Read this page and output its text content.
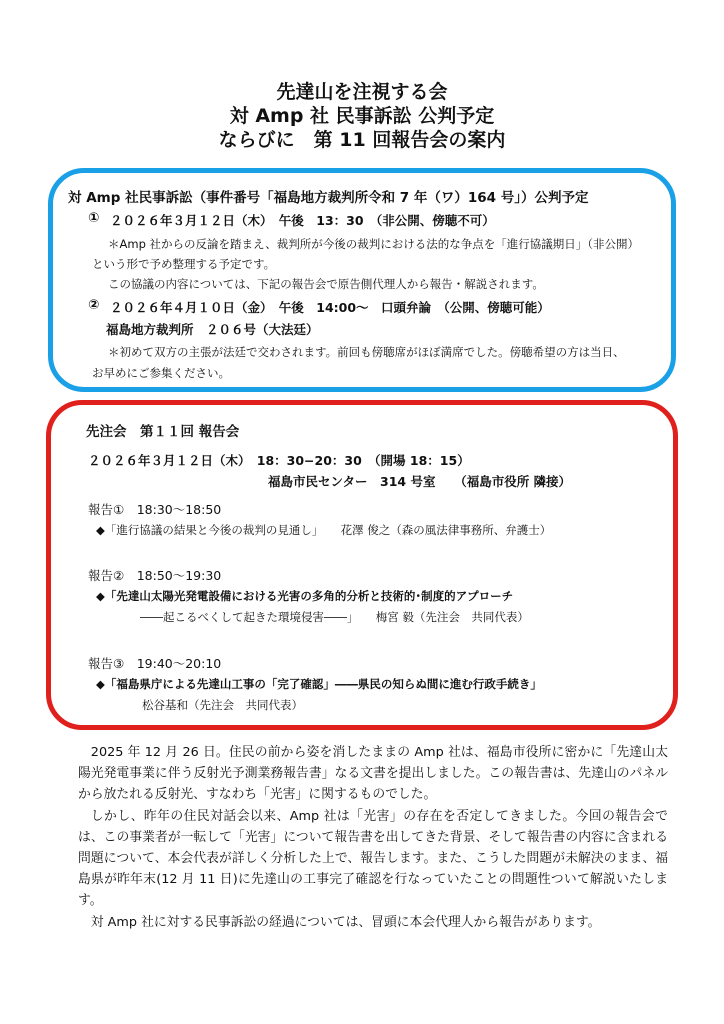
先達山を注視する会

対 Amp 社 民事訴訟 公判予定

ならびに　第 11 回報告会の案内

対 Amp 社民事訴訟（事件番号「福島地方裁判所令和 7 年（ワ）164 号」）公判予定
① ２０２６年３月１２日（木）　午後　13：30　（非公開、傍聴不可）
＊Amp 社からの反論を踏まえ、裁判所が今後の裁判における法的な争点を「進行協議期日」（非公開）
という形で予め整理する予定です。
この協議の内容については、下記の報告会で原告側代理人から報告・解説されます。
② ２０２６年４月１０日（金）　午後　14:00～　口頭弁論　（公開、傍聴可能）
福島地方裁判所　２０６号（大法廷）
＊初めて双方の主張が法廷で交わされます。前回も傍聴席がほぼ満席でした。傍聴希望の方は当日、
お早めにご参集ください。
先注会　第１１回 報告会
２０２６年３月１２日（木）　18：30−20：30　（開場 18：15）
福島市民センター　314 号室　　（福島市役所 隣接）
報告①　18:30～18:50
◆「進行協議の結果と今後の裁判の見通し」　　花澤 俊之（森の風法律事務所、弁護士）
報告②　18:50～19:30
◆「先達山太陽光発電設備における光害の多角的分析と技術的･制度的アプローチ
――起こるべくして起きた環境侵害――」　　梅宮 毅（先注会　共同代表）
報告③　19:40～20:10
◆「福島県庁による先達山工事の「完了確認」――県民の知らぬ間に進む行政手続き」
松谷基和（先注会　共同代表）

2025 年 12 月 26 日。住民の前から姿を消したままの Amp 社は、福島市役所に密かに「先達山太陽光発電事業に伴う反射光予測業務報告書」なる文書を提出しました。この報告書は、先達山のパネルから放たれる反射光、すなわち「光害」に関するものでした。

しかし、昨年の住民対話会以来、Amp 社は「光害」の存在を否定してきました。今回の報告会では、この事業者が一転して「光害」について報告書を出してきた背景、そして報告書の内容に含まれる問題について、本会代表が詳しく分析した上で、報告します。また、こうした問題が未解決のまま、福島県が昨年末(12 月 11 日)に先達山の工事完了確認を行なっていたことの問題性ついて解説いたします。

対 Amp 社に対する民事訴訟の経過については、冒頭に本会代理人から報告があります。
